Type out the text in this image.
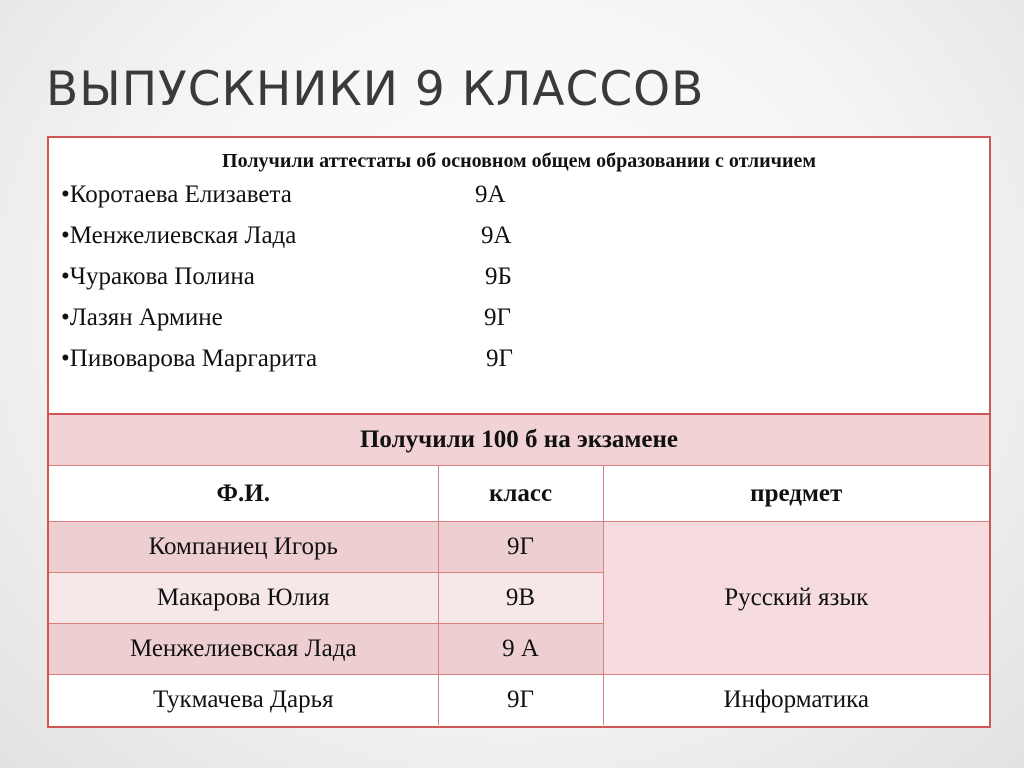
ВЫПУСКНИКИ 9 КЛАССОВ

Получили аттестаты об основном общем образовании с отличием

•Коротаева Елизавета	9А
•Менжелиевская Лада	9А
•Чуракова Полина	9Б
•Лазян Армине	9Г
•Пивоварова Маргарита	9Г
Получили 100 б на экзамене		
Ф.И.	класс	предмет
Компаниец Игорь	9Г	Русский язык
Макарова Юлия	9В	
Менжелиевская Лада	9 А	
Тукмачева Дарья	9Г	Информатика
